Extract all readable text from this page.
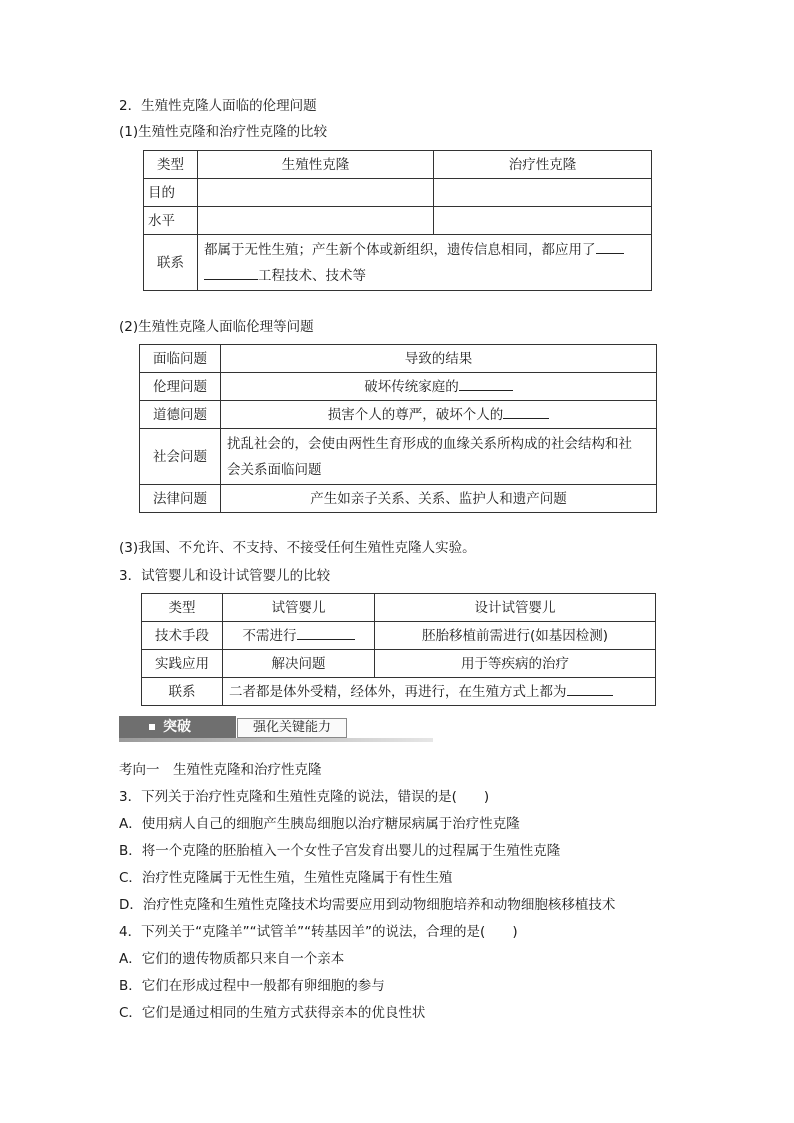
2．生殖性克隆人面临的伦理问题
(1)生殖性克隆和治疗性克隆的比较
类型	生殖性克隆	治疗性克隆
目的		
水平		
联系	都属于无性生殖；产生新个体或新组织，遗传信息相同，都应用了
工程技术、技术等	
(2)生殖性克隆人面临伦理等问题
面临问题	导致的结果
伦理问题	破坏传统家庭的
道德问题	损害个人的尊严，破坏个人的
社会问题	扰乱社会的，会使由两性生育形成的血缘关系所构成的社会结构和社
会关系面临问题
法律问题	产生如亲子关系、关系、监护人和遗产问题
(3)我国、不允许、不支持、不接受任何生殖性克隆人实验。
3．试管婴儿和设计试管婴儿的比较
类型	试管婴儿	设计试管婴儿
技术手段	不需进行	胚胎移植前需进行(如基因检测)
实践应用	解决问题	用于等疾病的治疗
联系	二者都是体外受精，经体外，再进行，在生殖方式上都为	
突破	强化关键能力
考向一　生殖性克隆和治疗性克隆
3．下列关于治疗性克隆和生殖性克隆的说法，错误的是(　　)
A．使用病人自己的细胞产生胰岛细胞以治疗糖尿病属于治疗性克隆
B．将一个克隆的胚胎植入一个女性子宫发育出婴儿的过程属于生殖性克隆
C．治疗性克隆属于无性生殖，生殖性克隆属于有性生殖
D．治疗性克隆和生殖性克隆技术均需要应用到动物细胞培养和动物细胞核移植技术
4．下列关于“克隆羊”“试管羊”“转基因羊”的说法，合理的是(　　)
A．它们的遗传物质都只来自一个亲本
B．它们在形成过程中一般都有卵细胞的参与
C．它们是通过相同的生殖方式获得亲本的优良性状
